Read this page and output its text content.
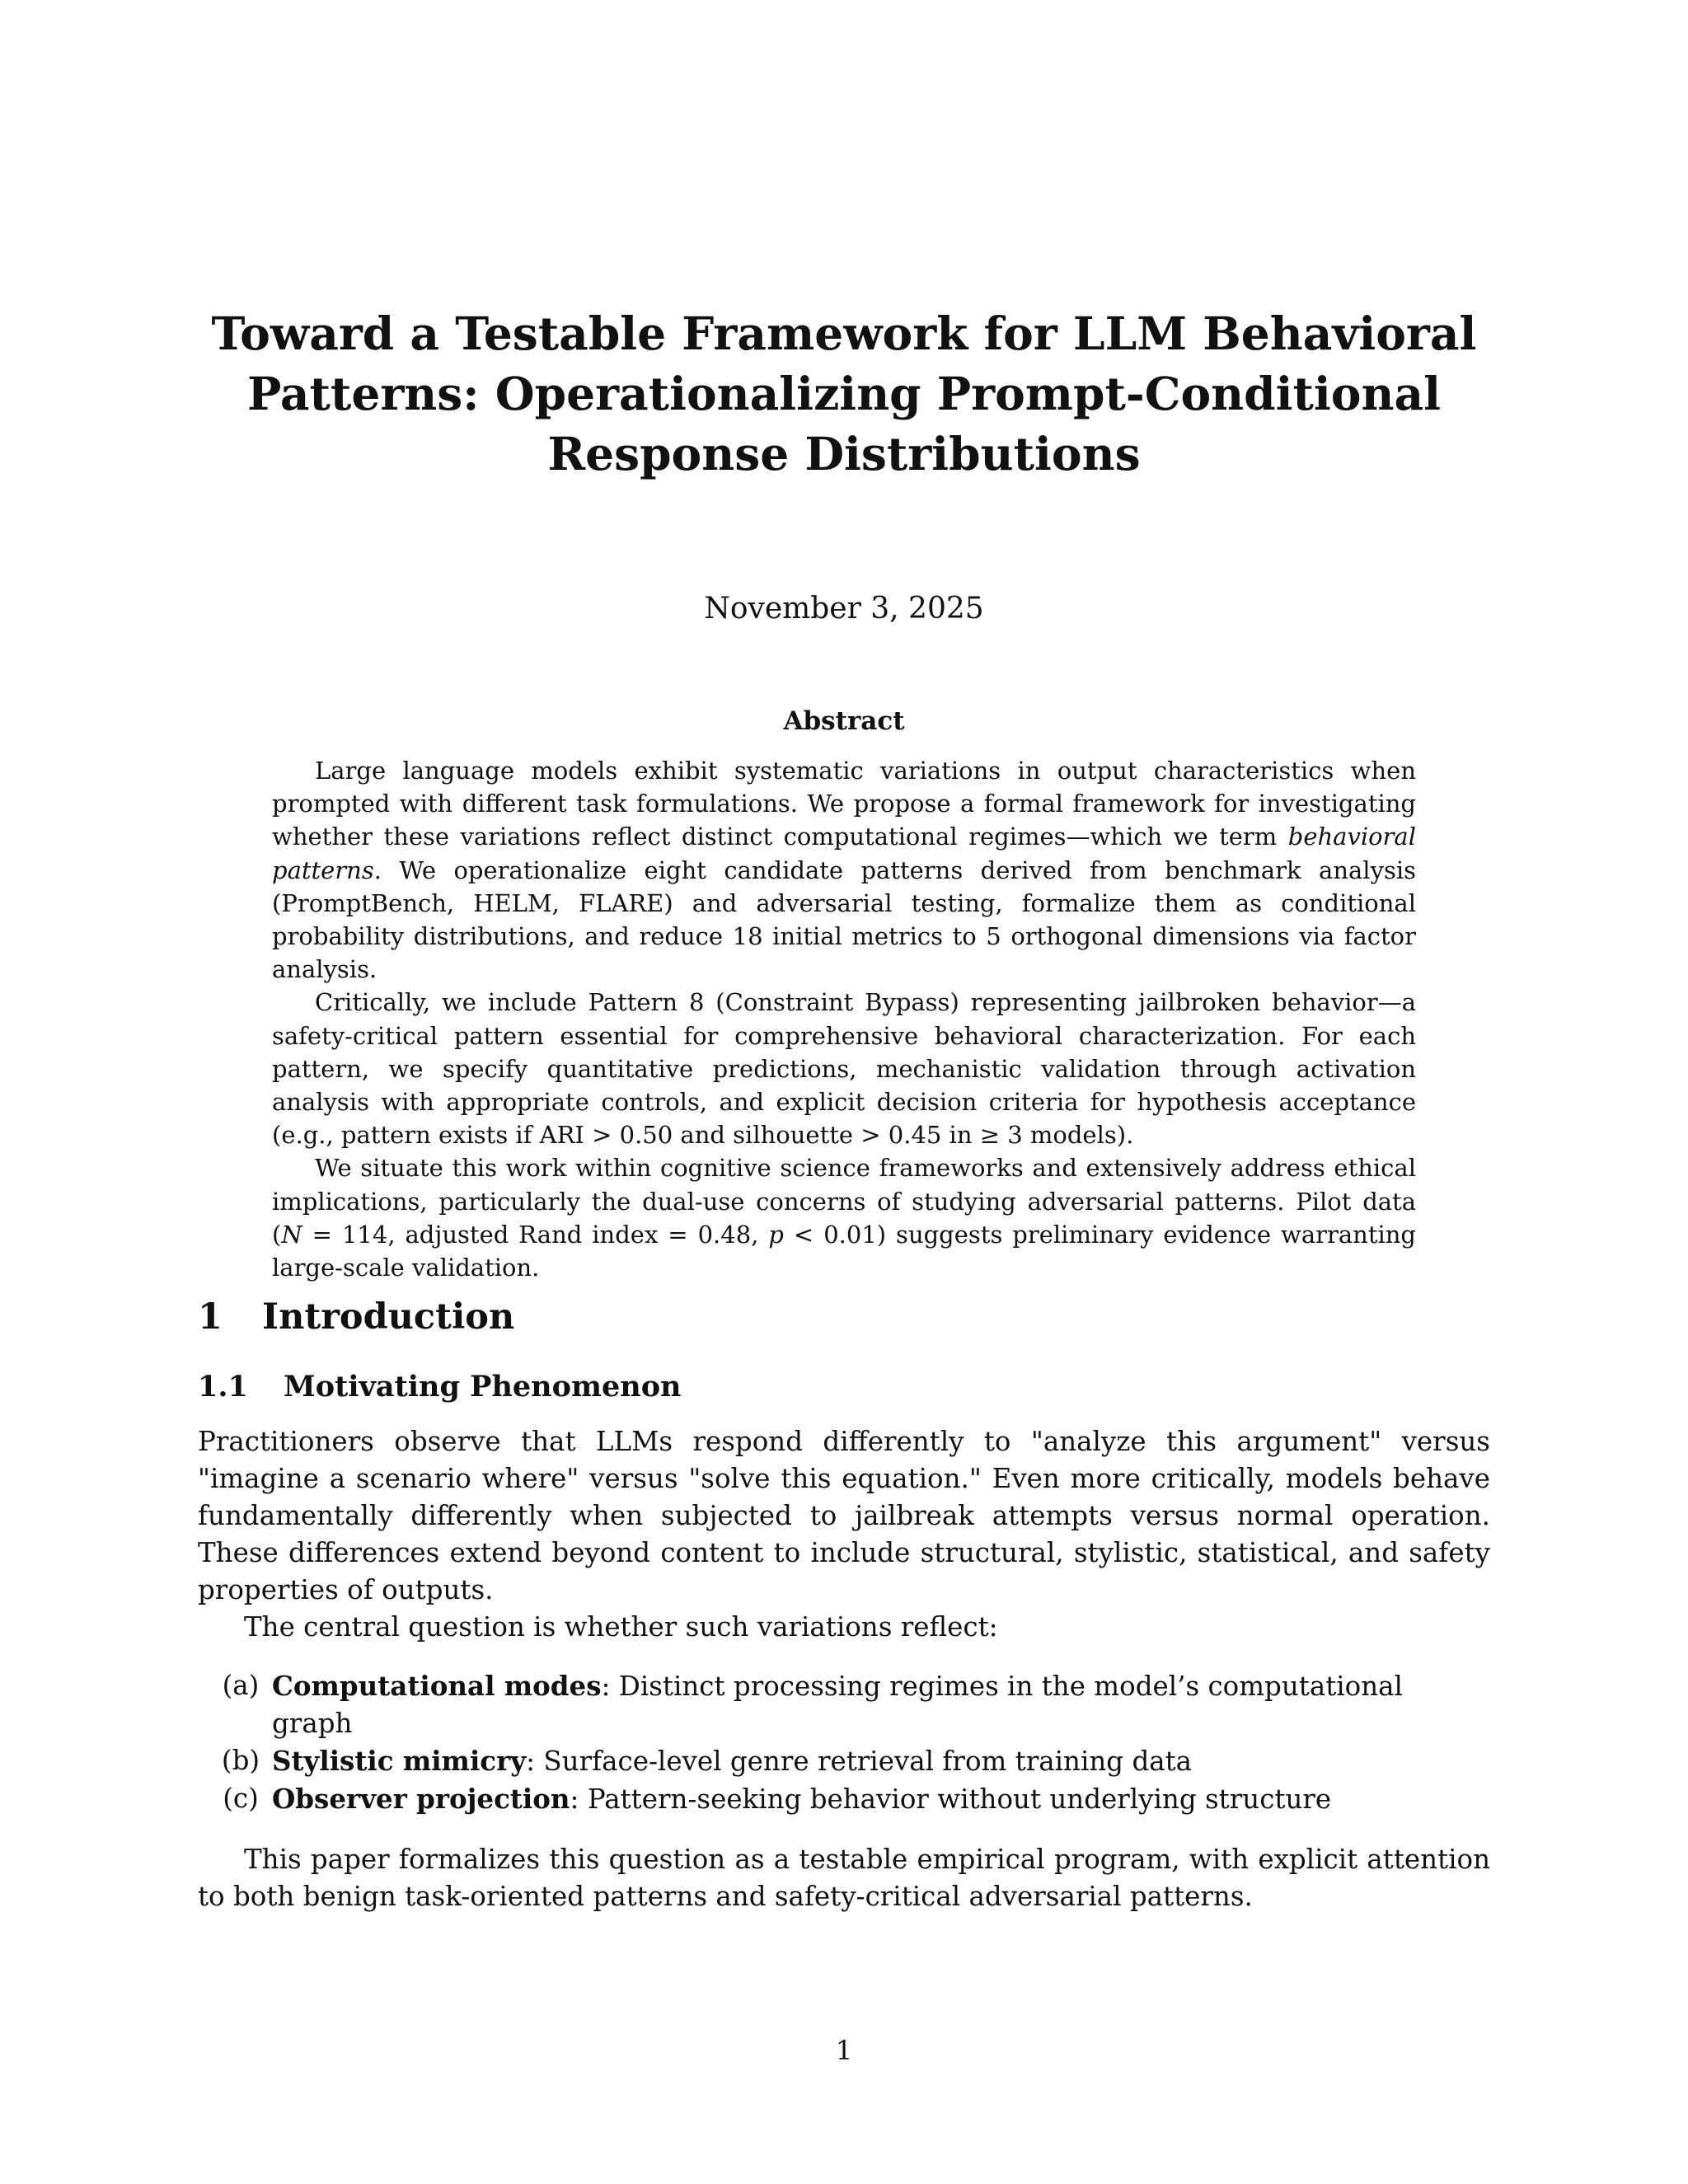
Toward a Testable Framework for LLM Behavioral Patterns: Operationalizing Prompt-Conditional Response Distributions
November 3, 2025
Abstract

Large language models exhibit systematic variations in output characteristics when prompted with different task formulations. We propose a formal framework for investigating whether these variations reflect distinct computational regimes—which we term behavioral patterns. We operationalize eight candidate patterns derived from benchmark analysis (PromptBench, HELM, FLARE) and adversarial testing, formalize them as conditional probability distributions, and reduce 18 initial metrics to 5 orthogonal dimensions via factor analysis.

Critically, we include Pattern 8 (Constraint Bypass) representing jailbroken behavior—a safety-critical pattern essential for comprehensive behavioral characterization. For each pattern, we specify quantitative predictions, mechanistic validation through activation analysis with appropriate controls, and explicit decision criteria for hypothesis acceptance (e.g., pattern exists if ARI > 0.50 and silhouette > 0.45 in ≥ 3 models).

We situate this work within cognitive science frameworks and extensively address ethical implications, particularly the dual-use concerns of studying adversarial patterns. Pilot data (N = 114, adjusted Rand index = 0.48, p < 0.01) suggests preliminary evidence warranting large-scale validation.

1 Introduction
1.1 Motivating Phenomenon

Practitioners observe that LLMs respond differently to "analyze this argument" versus "imagine a scenario where" versus "solve this equation." Even more critically, models behave fundamentally differently when subjected to jailbreak attempts versus normal operation. These differences extend beyond content to include structural, stylistic, statistical, and safety properties of outputs.

The central question is whether such variations reflect:

(a) Computational modes: Distinct processing regimes in the model’s computational graph
(b) Stylistic mimicry: Surface-level genre retrieval from training data
(c) Observer projection: Pattern-seeking behavior without underlying structure

This paper formalizes this question as a testable empirical program, with explicit attention to both benign task-oriented patterns and safety-critical adversarial patterns.

1
